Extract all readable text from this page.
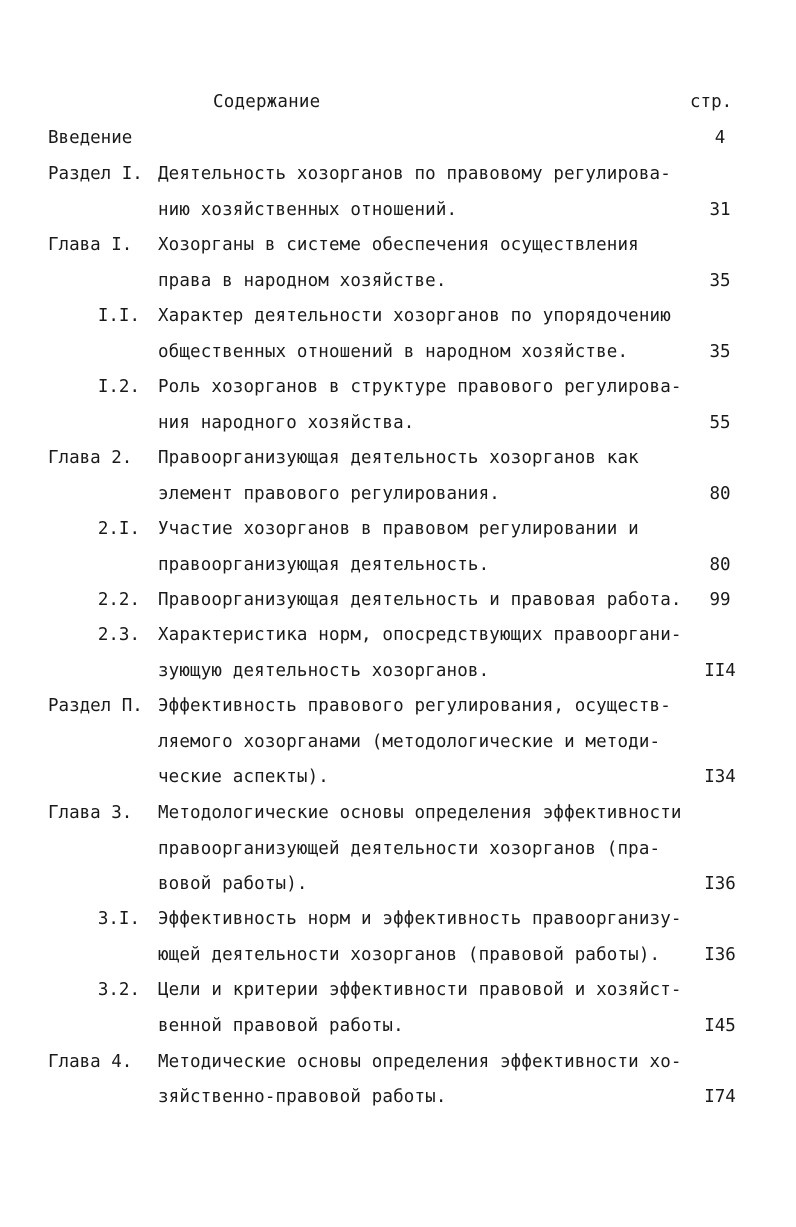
Содержание	стр.
Введение	4
Раздел I. Деятельность хозорганов по правовому регулирова-
нию хозяйственных отношений.	31
Глава I. Хозорганы в системе обеспечения осуществления
права в народном хозяйстве.	35
I.I. Характер деятельности хозорганов по упорядочению
общественных отношений в народном хозяйстве.	35
I.2. Роль хозорганов в структуре правового регулирова-
ния народного хозяйства.	55
Глава 2. Правоорганизующая деятельность хозорганов как
элемент правового регулирования.	80
2.I. Участие хозорганов в правовом регулировании и
правоорганизующая деятельность.	80
2.2. Правоорганизующая деятельность и правовая работа.	99
2.3. Характеристика норм, опосредствующих правооргани-
зующую деятельность хозорганов.	II4
Раздел П. Эффективность правового регулирования, осуществ-
ляемого хозорганами (методологические и методи-
ческие аспекты).	I34
Глава 3. Методологические основы определения эффективности
правоорганизующей деятельности хозорганов (пра-
вовой работы).	I36
3.I. Эффективность норм и эффективность правоорганизу-
ющей деятельности хозорганов (правовой работы).	I36
3.2. Цели и критерии эффективности правовой и хозяйст-
венной правовой работы.	I45
Глава 4. Методические основы определения эффективности хо-
зяйственно-правовой работы.	I74
